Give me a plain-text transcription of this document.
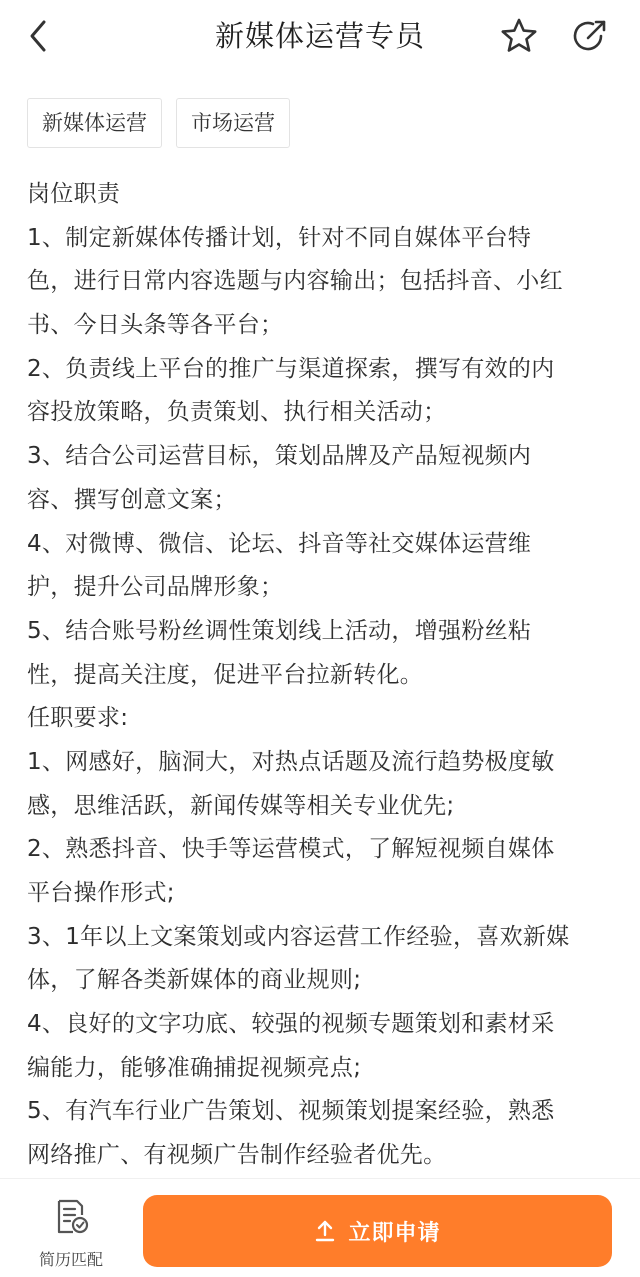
新媒体运营专员
新媒体运营	市场运营
岗位职责
1、制定新媒体传播计划，针对不同自媒体平台特
色，进行日常内容选题与内容输出；包括抖音、小红
书、今日头条等各平台；
2、负责线上平台的推广与渠道探索，撰写有效的内
容投放策略，负责策划、执行相关活动；
3、结合公司运营目标，策划品牌及产品短视频内
容、撰写创意文案；
4、对微博、微信、论坛、抖音等社交媒体运营维
护，提升公司品牌形象；
5、结合账号粉丝调性策划线上活动，增强粉丝粘
性，提高关注度，促进平台拉新转化。
任职要求:
1、网感好，脑洞大，对热点话题及流行趋势极度敏
感，思维活跃，新闻传媒等相关专业优先;
2、熟悉抖音、快手等运营模式，了解短视频自媒体
平台操作形式;
3、1年以上文案策划或内容运营工作经验，喜欢新媒
体，了解各类新媒体的商业规则;
4、良好的文字功底、较强的视频专题策划和素材采
编能力，能够准确捕捉视频亮点;
5、有汽车行业广告策划、视频策划提案经验，熟悉
网络推广、有视频广告制作经验者优先。
简历匹配
立即申请
